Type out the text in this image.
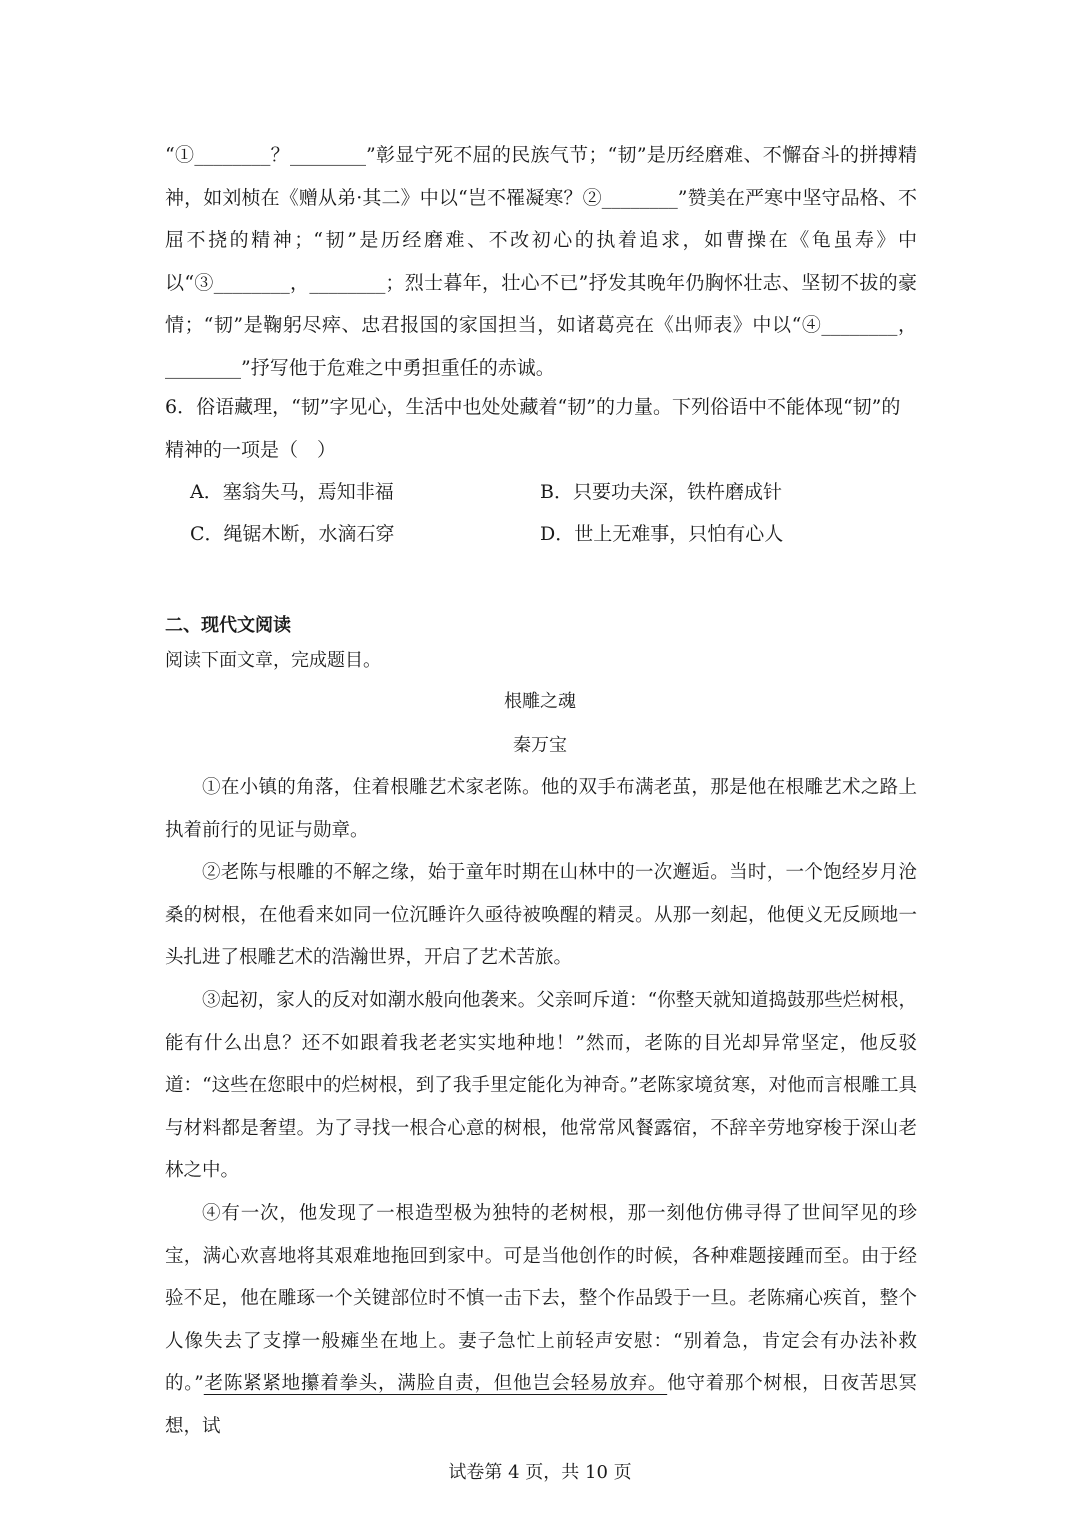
“①________？________”彰显宁死不屈的民族气节；“韧”是历经磨难、不懈奋斗的拼搏精神，如刘桢在《赠从弟·其二》中以“岂不罹凝寒？②________”赞美在严寒中坚守品格、不屈不挠的精神；“韧”是历经磨难、不改初心的执着追求，如曹操在《龟虽寿》中以“③________，________；烈士暮年，壮心不已”抒发其晚年仍胸怀壮志、坚韧不拔的豪情；“韧”是鞠躬尽瘁、忠君报国的家国担当，如诸葛亮在《出师表》中以“④________，________”抒写他于危难之中勇担重任的赤诚。
6．俗语藏理，“韧”字见心，生活中也处处藏着“韧”的力量。下列俗语中不能体现“韧”的精神的一项是（　）
A．塞翁失马，焉知非福	B．只要功夫深，铁杵磨成针
C．绳锯木断，水滴石穿	D．世上无难事，只怕有心人
二、现代文阅读
阅读下面文章，完成题目。
根雕之魂
秦万宝
①在小镇的角落，住着根雕艺术家老陈。他的双手布满老茧，那是他在根雕艺术之路上执着前行的见证与勋章。
②老陈与根雕的不解之缘，始于童年时期在山林中的一次邂逅。当时，一个饱经岁月沧桑的树根，在他看来如同一位沉睡许久亟待被唤醒的精灵。从那一刻起，他便义无反顾地一头扎进了根雕艺术的浩瀚世界，开启了艺术苦旅。
③起初，家人的反对如潮水般向他袭来。父亲呵斥道：“你整天就知道捣鼓那些烂树根，能有什么出息？还不如跟着我老老实实地种地！”然而，老陈的目光却异常坚定，他反驳道：“这些在您眼中的烂树根，到了我手里定能化为神奇。”老陈家境贫寒，对他而言根雕工具与材料都是奢望。为了寻找一根合心意的树根，他常常风餐露宿，不辞辛劳地穿梭于深山老林之中。
④有一次，他发现了一根造型极为独特的老树根，那一刻他仿佛寻得了世间罕见的珍宝，满心欢喜地将其艰难地拖回到家中。可是当他创作的时候，各种难题接踵而至。由于经验不足，他在雕琢一个关键部位时不慎一击下去，整个作品毁于一旦。老陈痛心疾首，整个人像失去了支撑一般瘫坐在地上。妻子急忙上前轻声安慰：“别着急，肯定会有办法补救的。”老陈紧紧地攥着拳头，满脸自责，但他岂会轻易放弃。他守着那个树根，日夜苦思冥想，试
试卷第 4 页，共 10 页
